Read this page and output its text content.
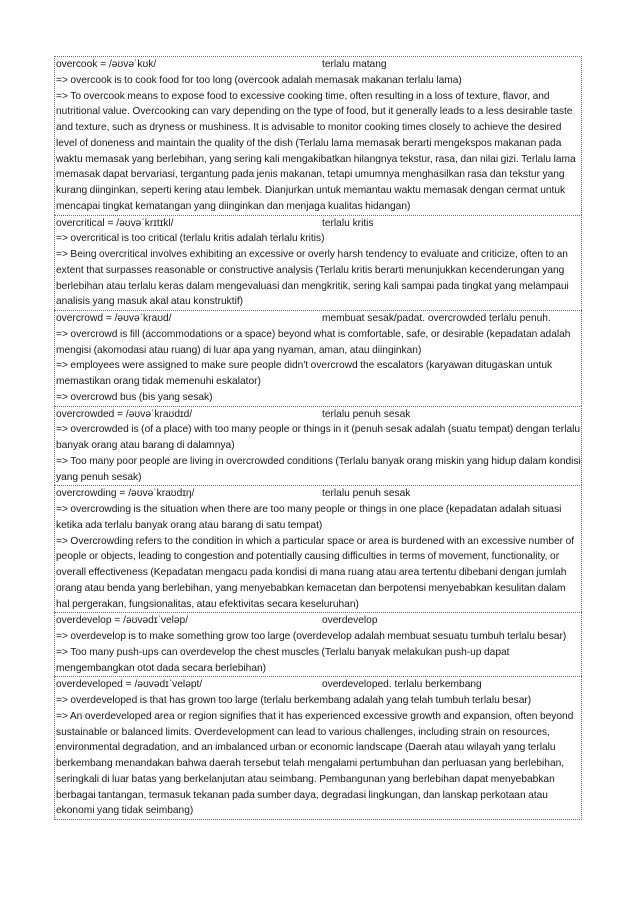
overcook = /əʊvəˈkʊk/	terlalu matang
=> overcook is to cook food for too long (overcook adalah memasak makanan terlalu lama)
=> To overcook means to expose food to excessive cooking time, often resulting in a loss of texture, flavor, and nutritional value. Overcooking can vary depending on the type of food, but it generally leads to a less desirable taste and texture, such as dryness or mushiness. It is advisable to monitor cooking times closely to achieve the desired level of doneness and maintain the quality of the dish (Terlalu lama memasak berarti mengekspos makanan pada waktu memasak yang berlebihan, yang sering kali mengakibatkan hilangnya tekstur, rasa, dan nilai gizi. Terlalu lama memasak dapat bervariasi, tergantung pada jenis makanan, tetapi umumnya menghasilkan rasa dan tekstur yang kurang diinginkan, seperti kering atau lembek. Dianjurkan untuk memantau waktu memasak dengan cermat untuk mencapai tingkat kematangan yang diinginkan dan menjaga kualitas hidangan)
overcritical = /əʊvəˈkrɪtɪkl/	terlalu kritis
=> overcritical is too critical (terlalu kritis adalah terlalu kritis)
=> Being overcritical involves exhibiting an excessive or overly harsh tendency to evaluate and criticize, often to an extent that surpasses reasonable or constructive analysis (Terlalu kritis berarti menunjukkan kecenderungan yang berlebihan atau terlalu keras dalam mengevaluasi dan mengkritik, sering kali sampai pada tingkat yang melampaui analisis yang masuk akal atau konstruktif)
overcrowd = /əʊvəˈkraʊd/	membuat sesak/padat. overcrowded terlalu penuh.
=> overcrowd is fill (accommodations or a space) beyond what is comfortable, safe, or desirable (kepadatan adalah mengisi (akomodasi atau ruang) di luar apa yang nyaman, aman, atau diinginkan)
=> employees were assigned to make sure people didn't overcrowd the escalators (karyawan ditugaskan untuk memastikan orang tidak memenuhi eskalator)
=> overcrowd bus (bis yang sesak)
overcrowded = /əʊvəˈkraʊdɪd/	terlalu penuh sesak
=> overcrowded is (of a place) with too many people or things in it (penuh sesak adalah (suatu tempat) dengan terlalu banyak orang atau barang di dalamnya)
=> Too many poor people are living in overcrowded conditions (Terlalu banyak orang miskin yang hidup dalam kondisi yang penuh sesak)
overcrowding = /əʊvəˈkraʊdɪŋ/	terlalu penuh sesak
=> overcrowding is the situation when there are too many people or things in one place (kepadatan adalah situasi ketika ada terlalu banyak orang atau barang di satu tempat)
=> Overcrowding refers to the condition in which a particular space or area is burdened with an excessive number of people or objects, leading to congestion and potentially causing difficulties in terms of movement, functionality, or overall effectiveness (Kepadatan mengacu pada kondisi di mana ruang atau area tertentu dibebani dengan jumlah orang atau benda yang berlebihan, yang menyebabkan kemacetan dan berpotensi menyebabkan kesulitan dalam hal pergerakan, fungsionalitas, atau efektivitas secara keseluruhan)
overdevelop = /əʊvədɪˈveləp/	overdevelop
=> overdevelop is to make something grow too large (overdevelop adalah membuat sesuatu tumbuh terlalu besar)
=> Too many push-ups can overdevelop the chest muscles (Terlalu banyak melakukan push-up dapat mengembangkan otot dada secara berlebihan)
overdeveloped = /əʊvədɪˈveləpt/	overdeveloped. terlalu berkembang
=> overdeveloped is that has grown too large (terlalu berkembang adalah yang telah tumbuh terlalu besar)
=> An overdeveloped area or region signifies that it has experienced excessive growth and expansion, often beyond sustainable or balanced limits. Overdevelopment can lead to various challenges, including strain on resources, environmental degradation, and an imbalanced urban or economic landscape (Daerah atau wilayah yang terlalu berkembang menandakan bahwa daerah tersebut telah mengalami pertumbuhan dan perluasan yang berlebihan, seringkali di luar batas yang berkelanjutan atau seimbang. Pembangunan yang berlebihan dapat menyebabkan berbagai tantangan, termasuk tekanan pada sumber daya, degradasi lingkungan, dan lanskap perkotaan atau ekonomi yang tidak seimbang)
